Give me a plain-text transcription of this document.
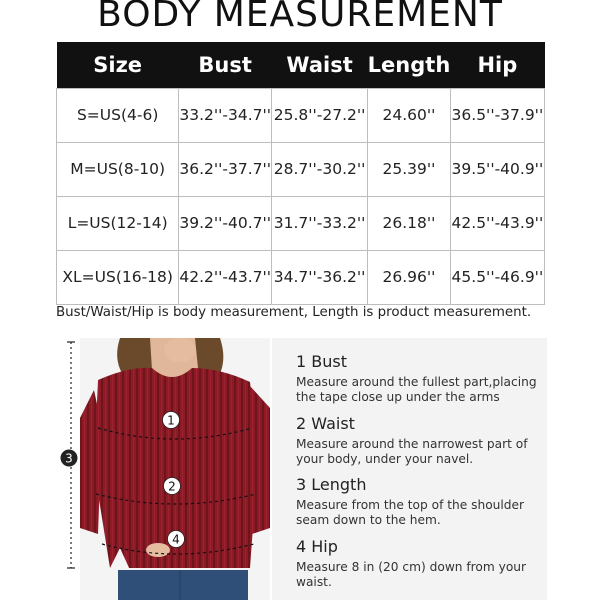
BODY MEASUREMENT
Size	Bust	Waist	Length	Hip
S=US(4-6)	33.2''-34.7''	25.8''-27.2''	24.60''	36.5''-37.9''
M=US(8-10)	36.2''-37.7''	28.7''-30.2''	25.39''	39.5''-40.9''
L=US(12-14)	39.2''-40.7''	31.7''-33.2''	26.18''	42.5''-43.9''
XL=US(16-18)	42.2''-43.7''	34.7''-36.2''	26.96''	45.5''-46.9''
Bust/Waist/Hip is body measurement, Length is product measurement.
3
1
2
4
1 Bust
Measure around the fullest part,placing the tape close up under the arms
2 Waist
Measure around the narrowest part of your body, under your navel.
3 Length
Measure from the top of the shoulder seam down to the hem.
4 Hip
Measure 8 in (20 cm) down from your waist.
